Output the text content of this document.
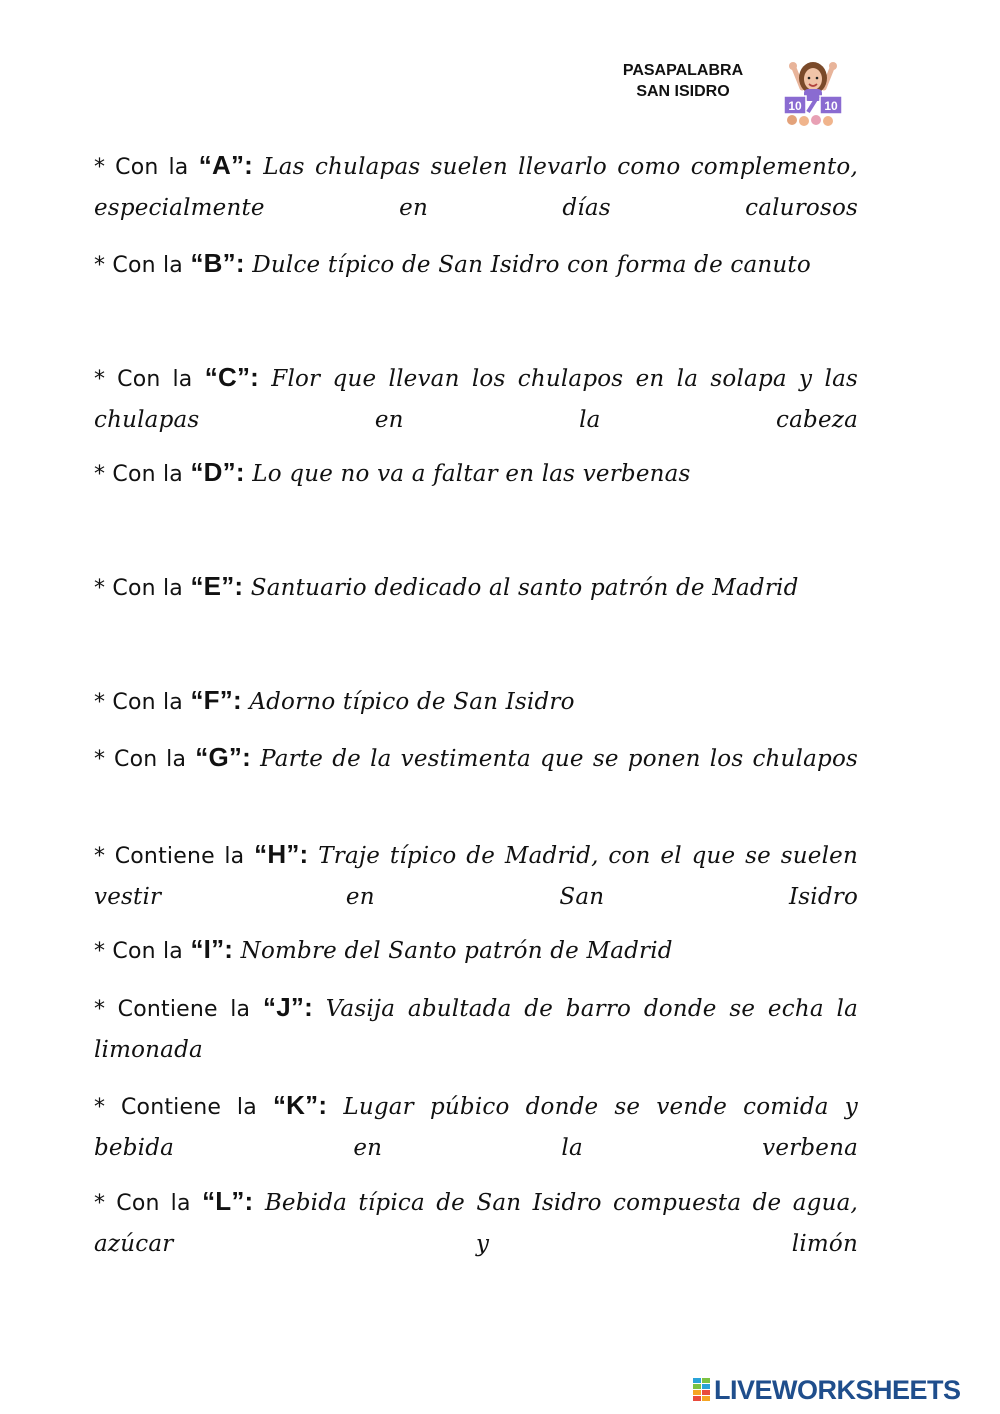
PASAPALABRA
SAN ISIDRO
10 10
* Con la “A”: Las chulapas suelen llevarlo como complemento, especialmente en días calurosos
* Con la “B”: Dulce típico de San Isidro con forma de canuto
* Con la “C”: Flor que llevan los chulapos en la solapa y las chulapas en la cabeza
* Con la “D”: Lo que no va a faltar en las verbenas
* Con la “E”: Santuario dedicado al santo patrón de Madrid
* Con la “F”: Adorno típico de San Isidro
* Con la “G”: Parte de la vestimenta que se ponen los chulapos
* Contiene la “H”: Traje típico de Madrid, con el que se suelen vestir en San Isidro
* Con la “I”: Nombre del Santo patrón de Madrid
* Contiene la “J”: Vasija abultada de barro donde se echa la limonada
* Contiene la “K”: Lugar púbico donde se vende comida y bebida en la verbena
* Con la “L”: Bebida típica de San Isidro compuesta de agua, azúcar y limón
LIVEWORKSHEETS
